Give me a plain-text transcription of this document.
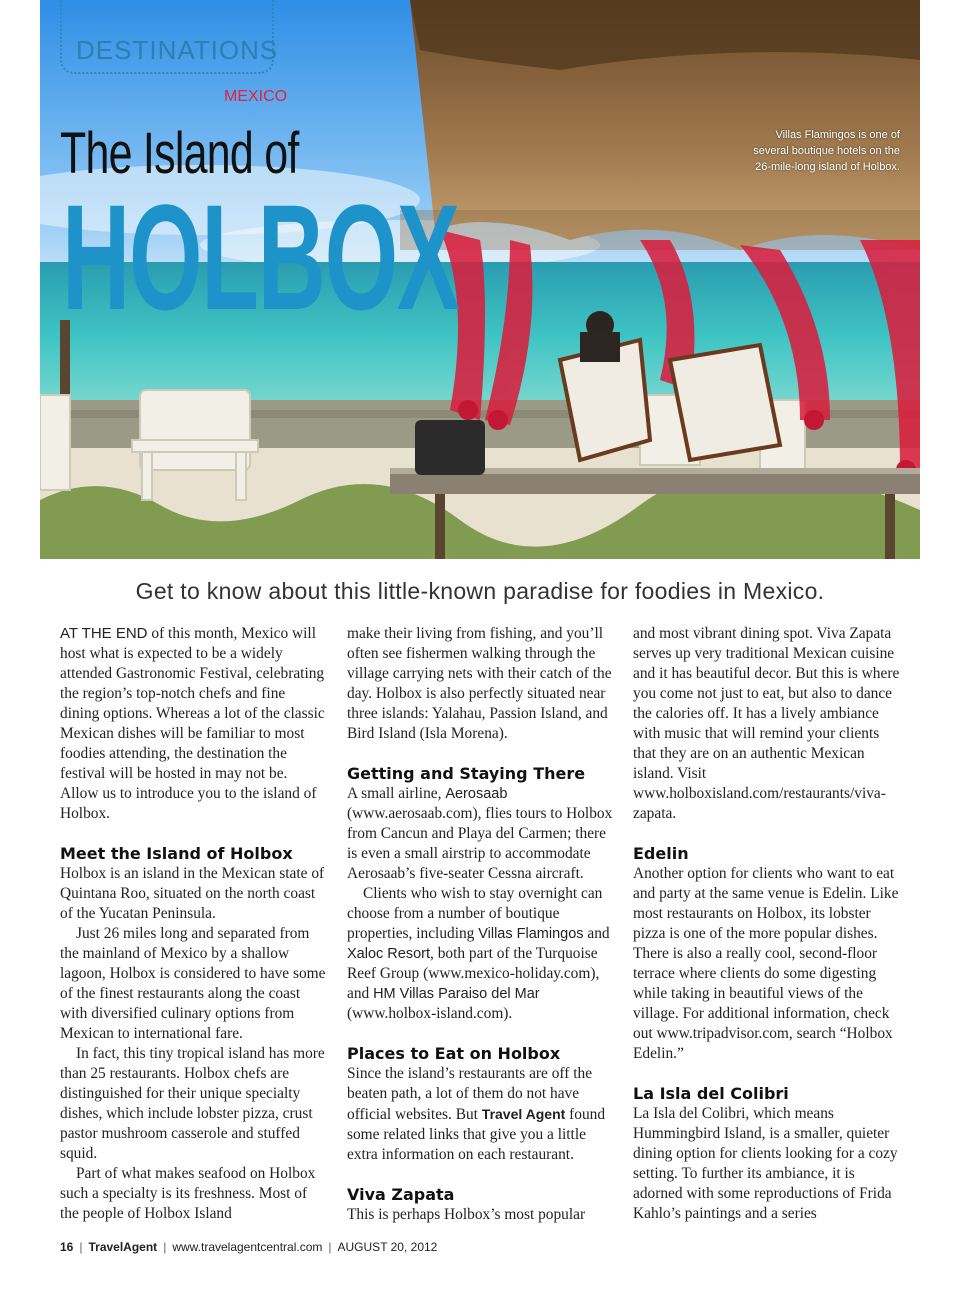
DESTINATIONS
MEXICO
The Island of
HOLBOX
Villas Flamingos is one of several boutique hotels on the 26-mile-long island of Holbox.
Get to know about this little-known paradise for foodies in Mexico.

AT THE END of this month, Mexico will host what is expected to be a widely attended Gastronomic Festival, celebrating the region’s top-notch chefs and fine dining options. Whereas a lot of the classic Mexican dishes will be familiar to most foodies attending, the destination the festival will be hosted in may not be. Allow us to introduce you to the island of Holbox.

Meet the Island of Holbox

Holbox is an island in the Mexican state of Quintana Roo, situated on the north coast of the Yucatan Peninsula.

Just 26 miles long and separated from the mainland of Mexico by a shallow lagoon, Holbox is considered to have some of the finest restaurants along the coast with diversified culinary options from Mexican to international fare.

In fact, this tiny tropical island has more than 25 restaurants. Holbox chefs are distinguished for their unique specialty dishes, which include lobster pizza, crust pastor mushroom casserole and stuffed squid.

Part of what makes seafood on Holbox such a specialty is its freshness. Most of the people of Holbox Island

make their living from fishing, and you’ll often see fishermen walking through the village carrying nets with their catch of the day. Holbox is also perfectly situated near three islands: Yalahau, Passion Island, and Bird Island (Isla Morena).

Getting and Staying There

A small airline, Aerosaab (www.aerosaab.com), flies tours to Holbox from Cancun and Playa del Carmen; there is even a small airstrip to accommodate Aerosaab’s five-seater Cessna aircraft.

Clients who wish to stay overnight can choose from a number of boutique properties, including Villas Flamingos and Xaloc Resort, both part of the Turquoise Reef Group (www.mexico-holiday.com), and HM Villas Paraiso del Mar (www.holbox-island.com).

Places to Eat on Holbox

Since the island’s restaurants are off the beaten path, a lot of them do not have official websites. But Travel Agent found some related links that give you a little extra information on each restaurant.

Viva Zapata

This is perhaps Holbox’s most popular

and most vibrant dining spot. Viva Zapata serves up very traditional Mexican cuisine and it has beautiful decor. But this is where you come not just to eat, but also to dance the calories off. It has a lively ambiance with music that will remind your clients that they are on an authentic Mexican island. Visit www.holboxisland.com/restaurants/viva-zapata.

Edelin

Another option for clients who want to eat and party at the same venue is Edelin. Like most restaurants on Holbox, its lobster pizza is one of the more popular dishes. There is also a really cool, second-floor terrace where clients do some digesting while taking in beautiful views of the village. For additional information, check out www.tripadvisor.com, search “Holbox Edelin.”

La Isla del Colibri

La Isla del Colibri, which means Hummingbird Island, is a smaller, quieter dining option for clients looking for a cozy setting. To further its ambiance, it is adorned with some reproductions of Frida Kahlo’s paintings and a series

16 | TravelAgent | www.travelagentcentral.com | AUGUST 20, 2012
